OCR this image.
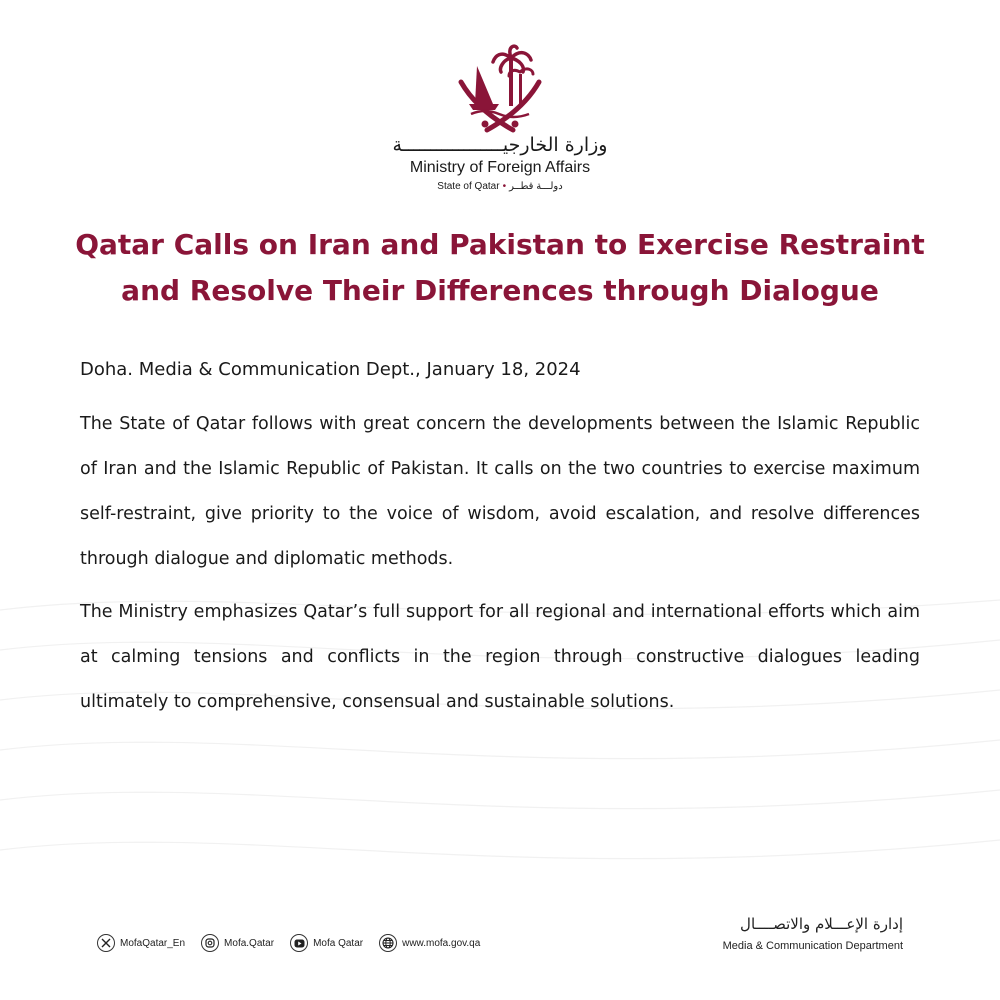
وزارة الخارجيــــــــــــــــــة
Ministry of Foreign Affairs
State of Qatar • دولـــة قطــر
Qatar Calls on Iran and Pakistan to Exercise Restraint and Resolve Their Differences through Dialogue

Doha. Media & Communication Dept., January 18, 2024

The State of Qatar follows with great concern the developments between the Islamic Republic of Iran and the Islamic Republic of Pakistan. It calls on the two countries to exercise maximum self-restraint, give priority to the voice of wisdom, avoid escalation, and resolve differences through dialogue and diplomatic methods.

The Ministry emphasizes Qatar’s full support for all regional and international efforts which aim at calming tensions and conflicts in the region through constructive dialogues leading ultimately to comprehensive, consensual and sustainable solutions.

MofaQatar_En	Mofa.Qatar	Mofa Qatar	www.mofa.gov.qa
إدارة الإعـــلام والاتصــــال
Media & Communication Department
